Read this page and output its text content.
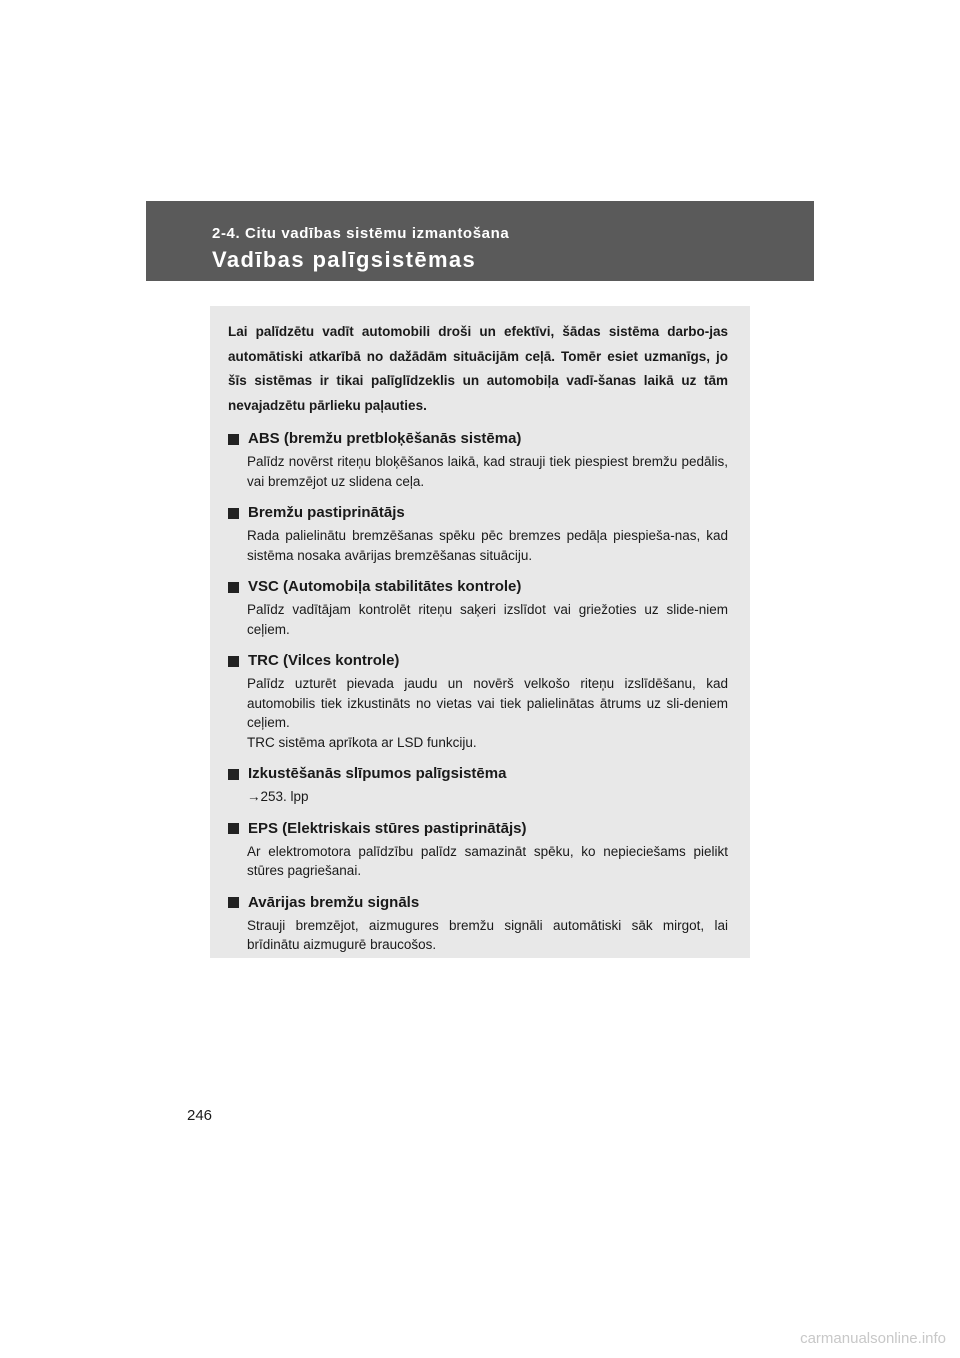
2-4. Citu vadības sistēmu izmantošana
Vadības palīgsistēmas

Lai palīdzētu vadīt automobili droši un efektīvi, šādas sistēma darbo-jas automātiski atkarībā no dažādām situācijām ceļā. Tomēr esiet uzmanīgs, jo šīs sistēmas ir tikai palīglīdzeklis un automobiļa vadī-šanas laikā uz tām nevajadzētu pārlieku paļauties.

ABS (bremžu pretbloķēšanās sistēma)
Palīdz novērst riteņu bloķēšanos laikā, kad strauji tiek piespiest bremžu pedālis, vai bremzējot uz slidena ceļa.
Bremžu pastiprinātājs
Rada palielinātu bremzēšanas spēku pēc bremzes pedāļa piespieša-nas, kad sistēma nosaka avārijas bremzēšanas situāciju.
VSC (Automobiļa stabilitātes kontrole)
Palīdz vadītājam kontrolēt riteņu saķeri izslīdot vai griežoties uz slide-niem ceļiem.
TRC (Vilces kontrole)
Palīdz uzturēt pievada jaudu un novērš velkošo riteņu izslīdēšanu, kad automobilis tiek izkustināts no vietas vai tiek palielinātas ātrums uz sli-deniem ceļiem.
TRC sistēma aprīkota ar LSD funkciju.
Izkustēšanās slīpumos palīgsistēma
→253. lpp
EPS (Elektriskais stūres pastiprinātājs)
Ar elektromotora palīdzību palīdz samazināt spēku, ko nepieciešams pielikt stūres pagriešanai.
Avārijas bremžu signāls
Strauji bremzējot, aizmugures bremžu signāli automātiski sāk mirgot, lai brīdinātu aizmugurē braucošos.
246
carmanualsonline.info
